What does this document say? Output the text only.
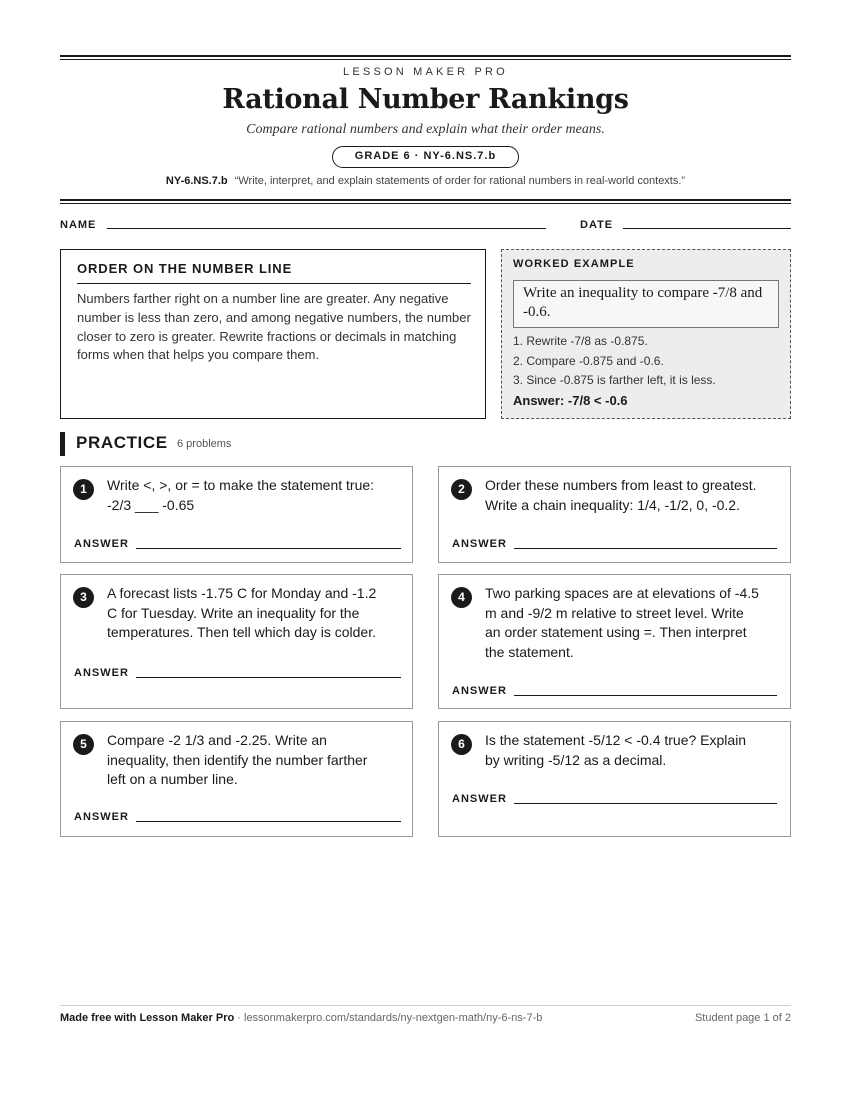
LESSON MAKER PRO
Rational Number Rankings
Compare rational numbers and explain what their order means.
GRADE 6 · NY-6.NS.7.b
NY-6.NS.7.b “Write, interpret, and explain statements of order for rational numbers in real-world contexts.”
NAME	DATE
ORDER ON THE NUMBER LINE
Numbers farther right on a number line are greater. Any negative number is less than zero, and among negative numbers, the number closer to zero is greater. Rewrite fractions or decimals in matching forms when that helps you compare them.
WORKED EXAMPLE
Write an inequality to compare -7/8 and -0.6.
1. Rewrite -7/8 as -0.875.
2. Compare -0.875 and -0.6.
3. Since -0.875 is farther left, it is less.
Answer: -7/8 < -0.6
PRACTICE 6 problems
1	Write <, >, or = to make the statement true:
-2/3 ___ -0.65
ANSWER
2	Order these numbers from least to greatest.
Write a chain inequality: 1/4, -1/2, 0, -0.2.
ANSWER
3	A forecast lists -1.75 C for Monday and -1.2
C for Tuesday. Write an inequality for the
temperatures. Then tell which day is colder.
ANSWER
4	Two parking spaces are at elevations of -4.5
m and -9/2 m relative to street level. Write
an order statement using =. Then interpret
the statement.
ANSWER
5	Compare -2 1/3 and -2.25. Write an
inequality, then identify the number farther
left on a number line.
ANSWER
6	Is the statement -5/12 < -0.4 true? Explain
by writing -5/12 as a decimal.
ANSWER
Made free with Lesson Maker Pro · lessonmakerpro.com/standards/ny-nextgen-math/ny-6-ns-7-b	Student page 1 of 2
